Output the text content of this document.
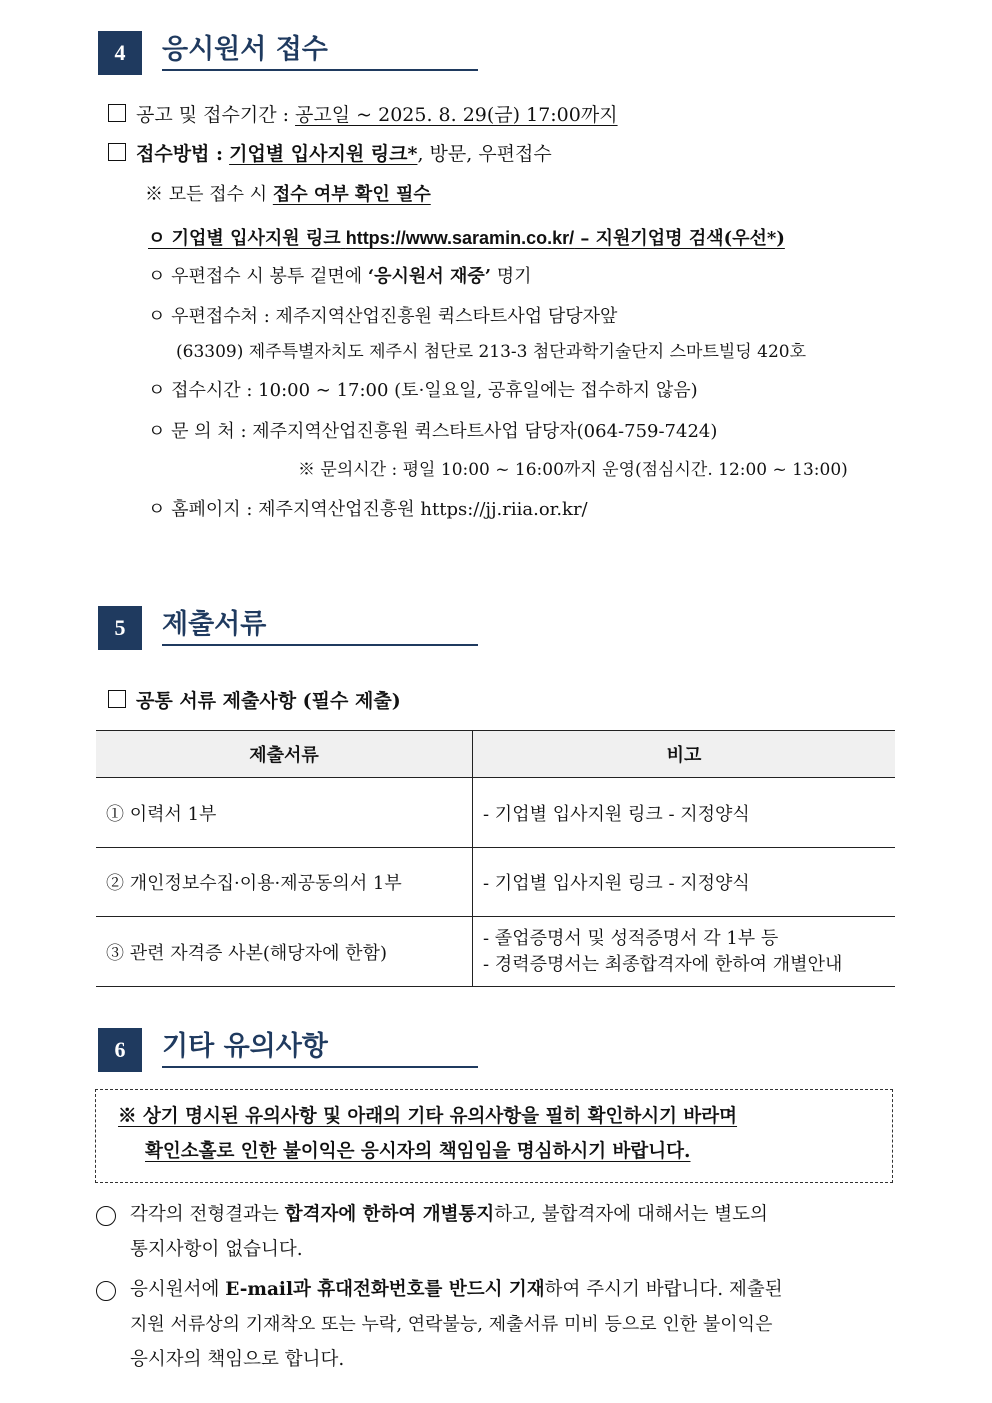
4	응시원서 접수
공고 및 접수기간 : 공고일 ~ 2025. 8. 29(금) 17:00까지
접수방법 : 기업별 입사지원 링크*, 방문, 우편접수
※ 모든 접수 시 접수 여부 확인 필수
ㅇ 기업별 입사지원 링크 https://www.saramin.co.kr/ – 지원기업명 검색(우선*)
ㅇ 우편접수 시 봉투 겉면에 ‘응시원서 재중’ 명기
ㅇ 우편접수처 : 제주지역산업진흥원 퀵스타트사업 담당자앞
(63309) 제주특별자치도 제주시 첨단로 213-3 첨단과학기술단지 스마트빌딩 420호
ㅇ 접수시간 : 10:00 ∼ 17:00 (토·일요일, 공휴일에는 접수하지 않음)
ㅇ 문 의 처 : 제주지역산업진흥원 퀵스타트사업 담당자(064-759-7424)
※ 문의시간 : 평일 10:00 ~ 16:00까지 운영(점심시간. 12:00 ~ 13:00)
ㅇ 홈페이지 : 제주지역산업진흥원 https://jj.riia.or.kr/
5	제출서류
공통 서류 제출사항 (필수 제출)
제출서류	비고
① 이력서 1부	- 기업별 입사지원 링크 - 지정양식
② 개인정보수집·이용·제공동의서 1부	- 기업별 입사지원 링크 - 지정양식
③ 관련 자격증 사본(해당자에 한함)	- 졸업증명서 및 성적증명서 각 1부 등
- 경력증명서는 최종합격자에 한하여 개별안내
6	기타 유의사항
※ 상기 명시된 유의사항 및 아래의 기타 유의사항을 필히 확인하시기 바라며
확인소홀로 인한 불이익은 응시자의 책임임을 명심하시기 바랍니다.
각각의 전형결과는 합격자에 한하여 개별통지하고, 불합격자에 대해서는 별도의
통지사항이 없습니다.
응시원서에 E-mail과 휴대전화번호를 반드시 기재하여 주시기 바랍니다. 제출된
지원 서류상의 기재착오 또는 누락, 연락불능, 제출서류 미비 등으로 인한 불이익은
응시자의 책임으로 합니다.
